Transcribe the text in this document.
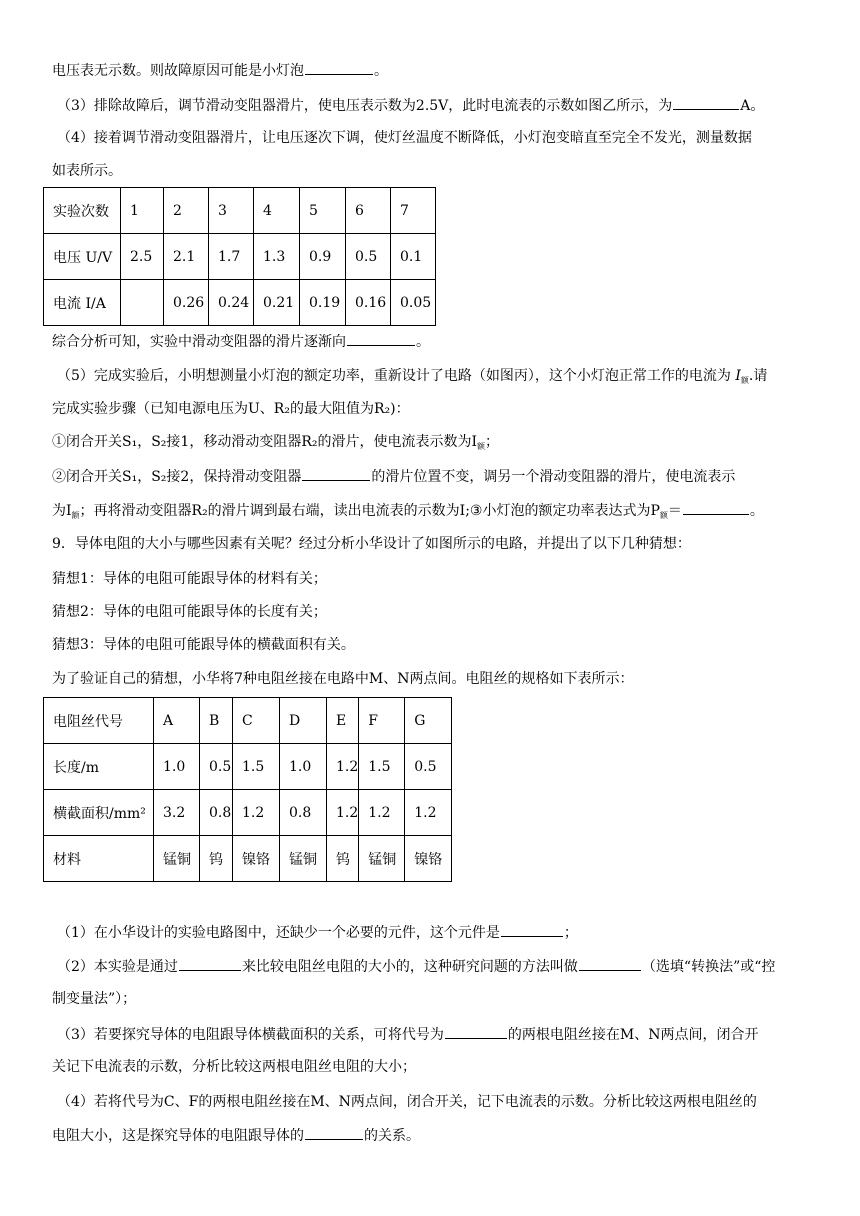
电压表无示数。则故障原因可能是小灯泡	。
（3）排除故障后，调节滑动变阻器滑片，使电压表示数为2.5V，此时电流表的示数如图乙所示，为	A。
（4）接着调节滑动变阻器滑片，让电压逐次下调，使灯丝温度不断降低，小灯泡变暗直至完全不发光，测量数据
如表所示。
实验次数	1	2	3	4	5	6	7
电压 U/V	2.5	2.1	1.7	1.3	0.9	0.5	0.1
电流 I/A		0.26	0.24	0.21	0.19	0.16	0.05
综合分析可知，实验中滑动变阻器的滑片逐渐向	。
（5）完成实验后，小明想测量小灯泡的额定功率，重新设计了电路（如图丙），这个小灯泡正常工作的电流为 $I_额$.请
完成实验步骤（已知电源电压为U、R₂的最大阻值为R₂)：
①闭合开关S₁，S₂接1，移动滑动变阻器R₂的滑片，使电流表示数为$I_额$；
②闭合开关S₁，S₂接2，保持滑动变阻器	的滑片位置不变，调另一个滑动变阻器的滑片，使电流表示
为$I_额$；再将滑动变阻器R₂的滑片调到最右端，读出电流表的示数为I;③小灯泡的额定功率表达式为$P_额=$	。
9．导体电阻的大小与哪些因素有关呢？经过分析小华设计了如图所示的电路，并提出了以下几种猜想：
猜想1：导体的电阻可能跟导体的材料有关；
猜想2：导体的电阻可能跟导体的长度有关；
猜想3：导体的电阻可能跟导体的横截面积有关。
为了验证自己的猜想，小华将7种电阻丝接在电路中M、N两点间。电阻丝的规格如下表所示：
电阻丝代号	A	B	C	D	E	F	G
长度/m	1.0	0.5	1.5	1.0	1.2	1.5	0.5
横截面积/mm²	3.2	0.8	1.2	0.8	1.2	1.2	1.2
材料	锰铜	钨	镍铬	锰铜	钨	锰铜	镍铬
（1）在小华设计的实验电路图中，还缺少一个必要的元件，这个元件是	；
（2）本实验是通过	来比较电阻丝电阻的大小的，这种研究问题的方法叫做	（选填“转换法”或“控
制变量法”）；
（3）若要探究导体的电阻跟导体横截面积的关系，可将代号为	的两根电阻丝接在M、N两点间，闭合开
关记下电流表的示数，分析比较这两根电阻丝电阻的大小；
（4）若将代号为C、F的两根电阻丝接在M、N两点间，闭合开关，记下电流表的示数。分析比较这两根电阻丝的
电阻大小，这是探究导体的电阻跟导体的	的关系。
